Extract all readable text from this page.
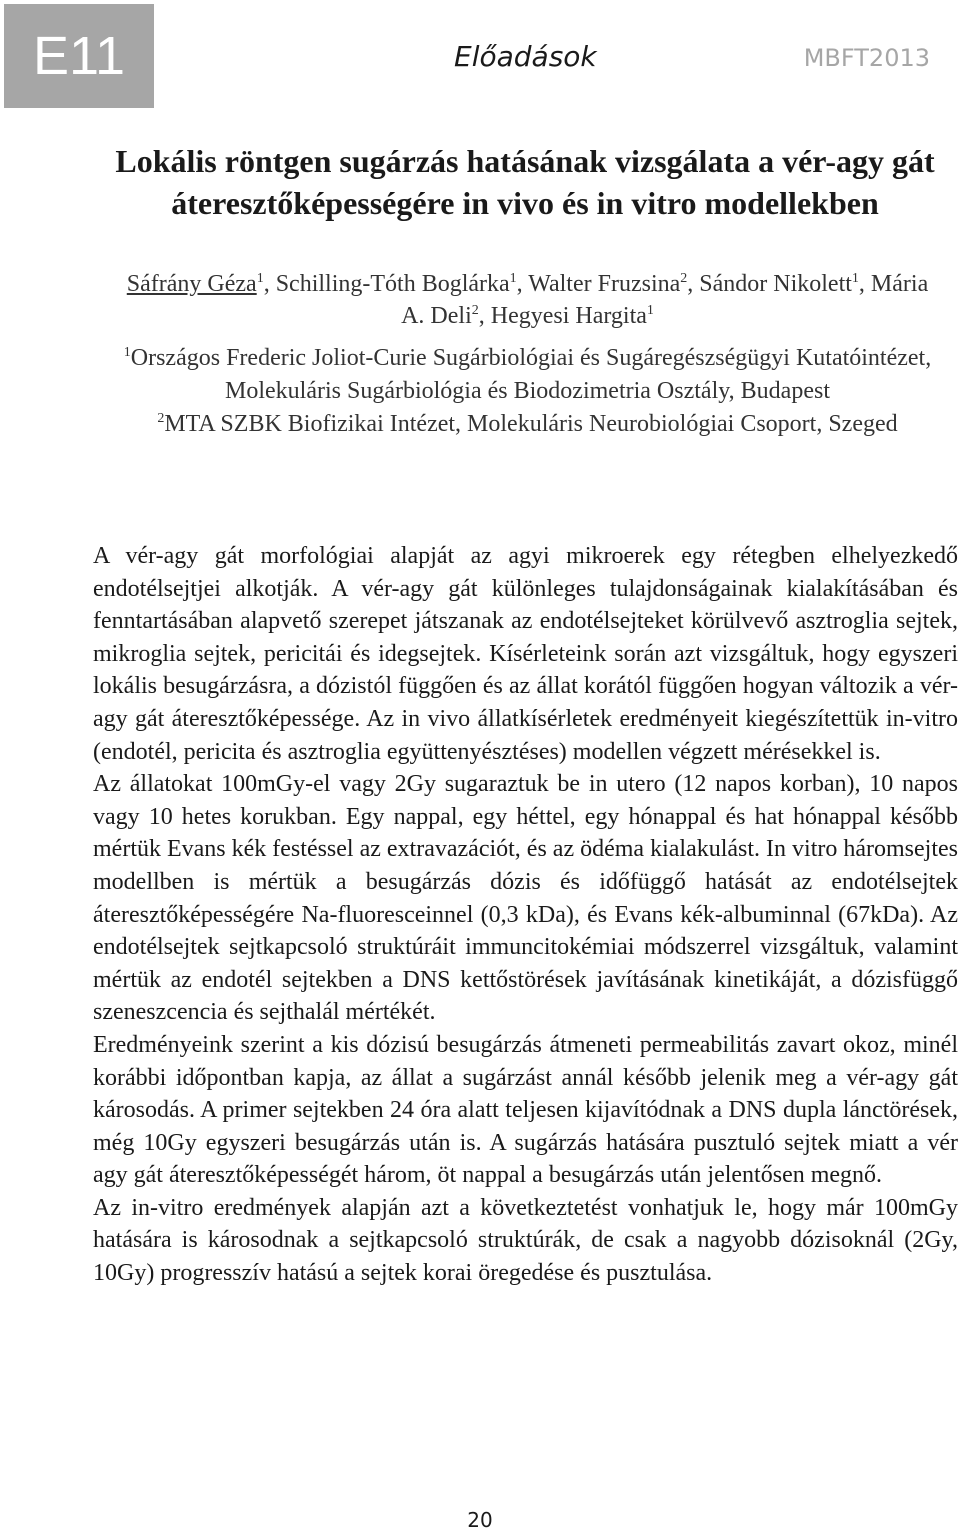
E11	Előadások	MBFT2013
Lokális röntgen sugárzás hatásának vizsgálata a vér-agy gát áteresztőképességére in vivo és in vitro modellekben
Sáfrány Géza$^1$, Schilling-Tóth Boglárka$^1$, Walter Fruzsina$^2$, Sándor Nikolett$^1$, Mária A. Deli$^2$, Hegyesi Hargita$^1$

$^1$Országos Frederic Joliot-Curie Sugárbiológiai és Sugáregészségügyi Kutatóintézet, Molekuláris Sugárbiológia és Biodozimetria Osztály, Budapest

$^2$MTA SZBK Biofizikai Intézet, Molekuláris Neurobiológiai Csoport, Szeged

A vér-agy gát morfológiai alapját az agyi mikroerek egy rétegben elhelyezkedő endotélsejtjei alkotják. A vér-agy gát különleges tulajdonságainak kialakításában és fenntartásában alapvető szerepet játszanak az endotélsejteket körülvevő asztroglia sejtek, mikroglia sejtek, pericitái és idegsejtek. Kísérleteink során azt vizsgáltuk, hogy egyszeri lokális besugárzásra, a dózistól függően és az állat korától függően hogyan változik a vér-agy gát áteresztőképessége. Az in vivo állatkísérletek eredményeit kiegészítettük in-vitro (endotél, pericita és asztroglia együttenyésztéses) modellen végzett mérésekkel is.

Az állatokat 100mGy-el vagy 2Gy sugaraztuk be in utero (12 napos korban), 10 napos vagy 10 hetes korukban. Egy nappal, egy héttel, egy hónappal és hat hónappal később mértük Evans kék festéssel az extravazációt, és az ödéma kialakulást. In vitro háromsejtes modellben is mértük a besugárzás dózis és időfüggő hatását az endotélsejtek áteresztőképességére Na-fluoresceinnel (0,3 kDa), és Evans kék-albuminnal (67kDa). Az endotélsejtek sejtkapcsoló struktúráit immuncitokémiai módszerrel vizsgáltuk, valamint mértük az endotél sejtekben a DNS kettőstörések javításának kinetikáját, a dózisfüggő szeneszcencia és sejthalál mértékét.

Eredményeink szerint a kis dózisú besugárzás átmeneti permeabilitás zavart okoz, minél korábbi időpontban kapja, az állat a sugárzást annál később jelenik meg a vér-agy gát károsodás. A primer sejtekben 24 óra alatt teljesen kijavítódnak a DNS dupla lánctörések, még 10Gy egyszeri besugárzás után is. A sugárzás hatására pusztuló sejtek miatt a vér agy gát áteresztőképességét három, öt nappal a besugárzás után jelentősen megnő.

Az in-vitro eredmények alapján azt a következtetést vonhatjuk le, hogy már 100mGy hatására is károsodnak a sejtkapcsoló struktúrák, de csak a nagyobb dózisoknál (2Gy, 10Gy) progresszív hatású a sejtek korai öregedése és pusztulása.

20
